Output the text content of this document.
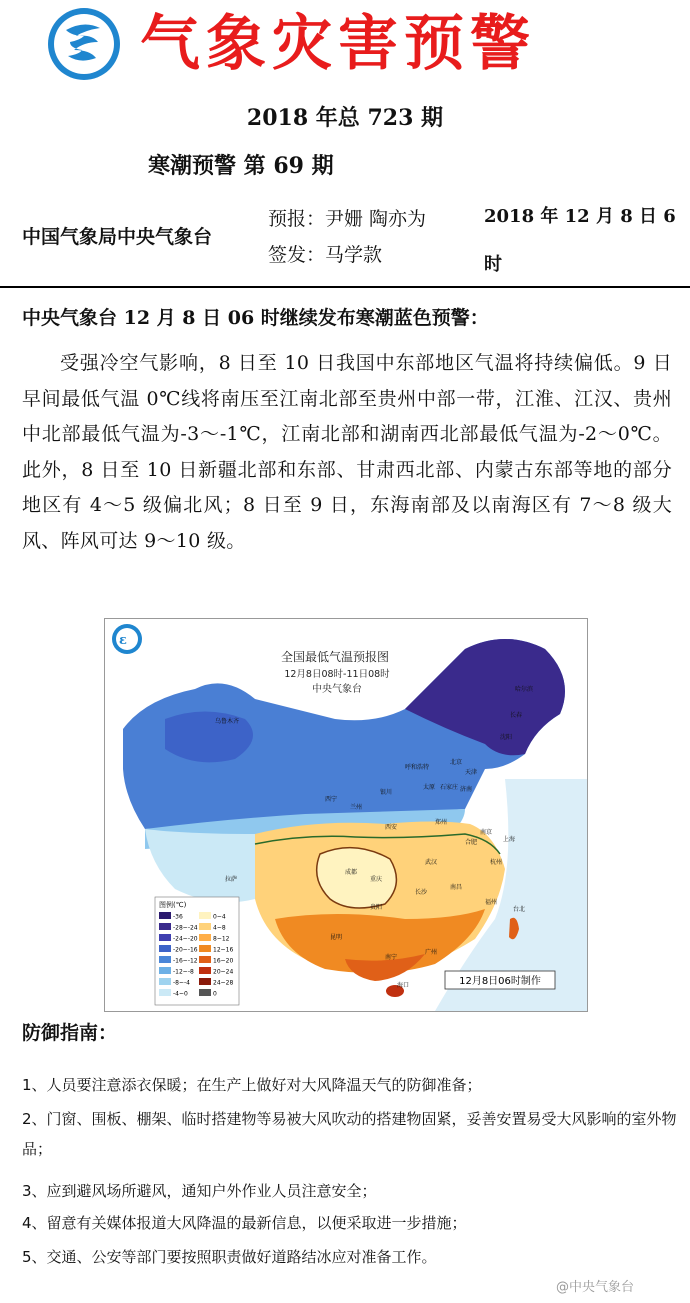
气象灾害预警
2018 年总 723 期
寒潮预警 第 69 期
中国气象局中央气象台
预报：尹姗 陶亦为
签发：马学款
2018 年 12 月 8 日 6
时
中央气象台 12 月 8 日 06 时继续发布寒潮蓝色预警：
受强冷空气影响，8 日至 10 日我国中东部地区气温将持续偏低。9 日早间最低气温 0℃线将南压至江南北部至贵州中部一带，江淮、江汉、贵州中北部最低气温为-3～-1℃，江南北部和湖南西北部最低气温为-2～0℃。此外，8 日至 10 日新疆北部和东部、甘肃西北部、内蒙古东部等地的部分地区有 4～5 级偏北风；8 日至 9 日，东海南部及以南海区有 7～8 级大风、阵风可达 9～10 级。
ε
全国最低气温预报图
12月8日08时-11日08时
中央气象台
乌鲁木齐
哈尔滨
长春
沈阳
北京
天津
呼和浩特
太原 石家庄 济南
银川
兰州
西宁
西安
郑州
合肥
南京
上海
拉萨
成都
重庆
武汉	杭州
长沙
南昌
贵阳
福州
台北
昆明
南宁
广州
海口
图例(℃)
-36	0~4
-28~-24	4~8
-24~-20	8~12
-20~-16	12~16
-16~-12	16~20
-12~-8	20~24
-8~-4	24~28
-4~0	0
12月8日06时制作
防御指南：
1、人员要注意添衣保暖；在生产上做好对大风降温天气的防御准备；
2、门窗、围板、棚架、临时搭建物等易被大风吹动的搭建物固紧，妥善安置易受大风影响的室外物品；
3、应到避风场所避风，通知户外作业人员注意安全；
4、留意有关媒体报道大风降温的最新信息，以便采取进一步措施；
5、交通、公安等部门要按照职责做好道路结冰应对准备工作。
@中央气象台
